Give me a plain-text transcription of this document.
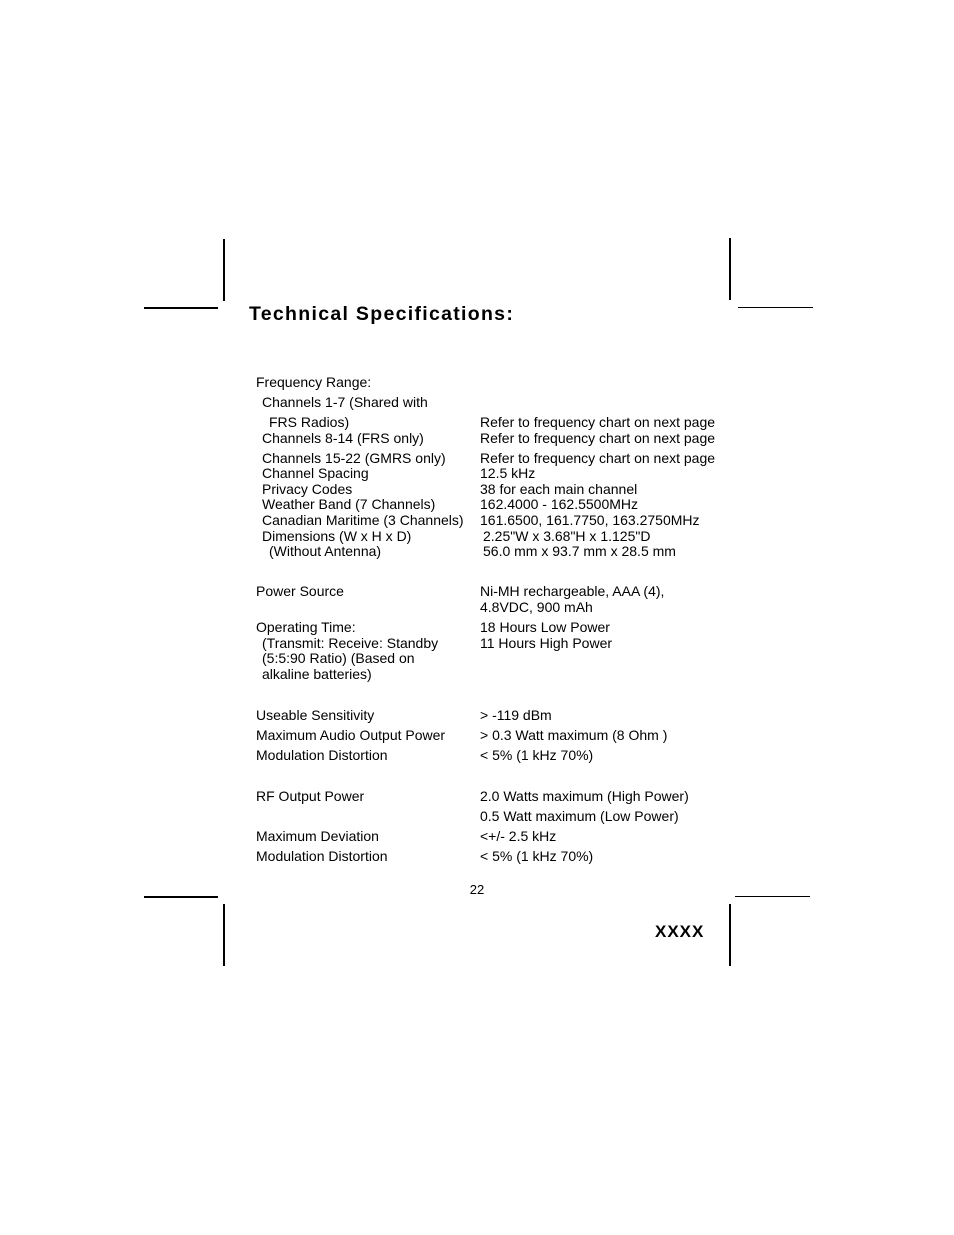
Technical Specifications:
Frequency Range:
Channels 1-7 (Shared with
FRS Radios)	Refer to frequency chart on next page
Channels 8-14 (FRS only)	Refer to frequency chart on next page
Channels 15-22 (GMRS only) Refer to frequency chart on next page
Channel Spacing	12.5 kHz
Privacy Codes	38 for each main channel
Weather Band (7 Channels)	162.4000 - 162.5500MHz
Canadian Maritime (3 Channels) 161.6500, 161.7750, 163.2750MHz
Dimensions (W x H x D)	2.25"W x 3.68"H x 1.125"D
(Without Antenna)	56.0 mm x 93.7 mm x 28.5 mm
Power Source	Ni-MH rechargeable, AAA (4),
4.8VDC, 900 mAh
Operating Time:	18 Hours Low Power
(Transmit: Receive: Standby	11 Hours High Power
(5:5:90 Ratio) (Based on
alkaline batteries)
Useable Sensitivity	> -119 dBm
Maximum Audio Output Power > 0.3 Watt maximum (8 Ohm )
Modulation Distortion	< 5% (1 kHz 70%)
RF Output Power	2.0 Watts maximum (High Power)
0.5 Watt maximum (Low Power)
Maximum Deviation	<+/- 2.5 kHz
Modulation Distortion	< 5% (1 kHz 70%)
22
XXXX
